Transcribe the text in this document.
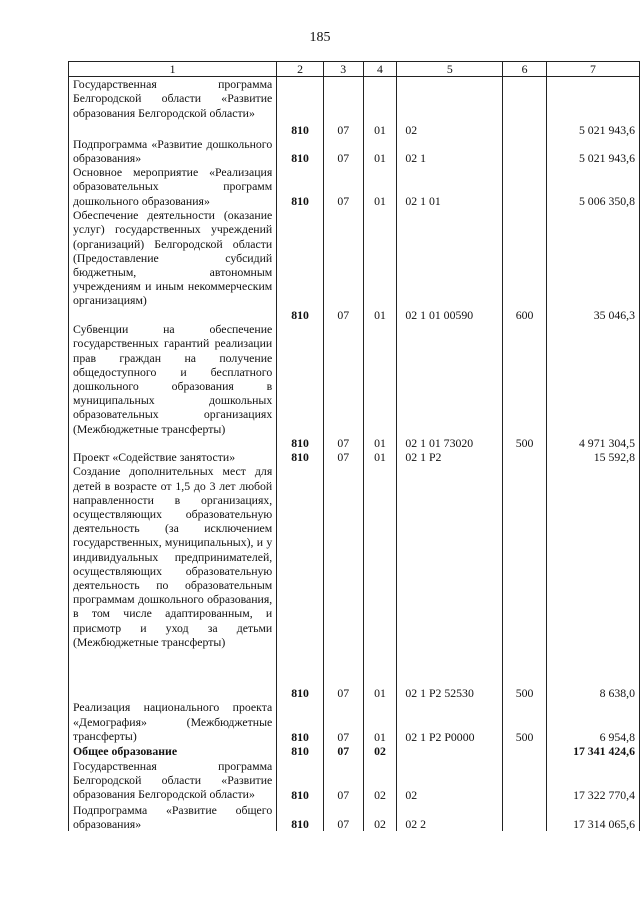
185
1	2	3	4	5	6	7
Государственная программа Белгородской области «Развитие образования Белгородской области»	810	07	01	02		5 021 943,6
Подпрограмма «Развитие дошкольного образования»	810	07	01	02 1		5 021 943,6
Основное мероприятие «Реализация образовательных программ дошкольного образования»	810	07	01	02 1 01		5 006 350,8
Обеспечение деятельности (оказание услуг) государственных учреждений (организаций) Белгородской области (Предоставление субсидий бюджетным, автономным учреждениям и иным некоммерческим организациям)	810	07	01	02 1 01 00590	600	35 046,3
Субвенции на обеспечение государственных гарантий реализации прав граждан на получение общедоступного и бесплатного дошкольного образования в муниципальных дошкольных образовательных организациях (Межбюджетные трансферты)	810	07	01	02 1 01 73020	500	4 971 304,5
Проект «Содействие занятости»	810	07	01	02 1 P2		15 592,8
Создание дополнительных мест для детей в возрасте от 1,5 до 3 лет любой направленности в организациях, осуществляющих образовательную деятельность (за исключением государственных, муниципальных), и у индивидуальных предпринимателей, осуществляющих образовательную деятельность по образовательным программам дошкольного образования, в том числе адаптированным, и присмотр и уход за детьми (Межбюджетные трансферты)	810	07	01	02 1 P2 52530	500	8 638,0
Реализация национального проекта «Демография» (Межбюджетные трансферты)	810	07	01	02 1 P2 P0000	500	6 954,8
Общее образование	810	07	02			17 341 424,6
Государственная программа Белгородской области «Развитие образования Белгородской области»	810	07	02	02		17 322 770,4
Подпрограмма «Развитие общего образования»	810	07	02	02 2		17 314 065,6
